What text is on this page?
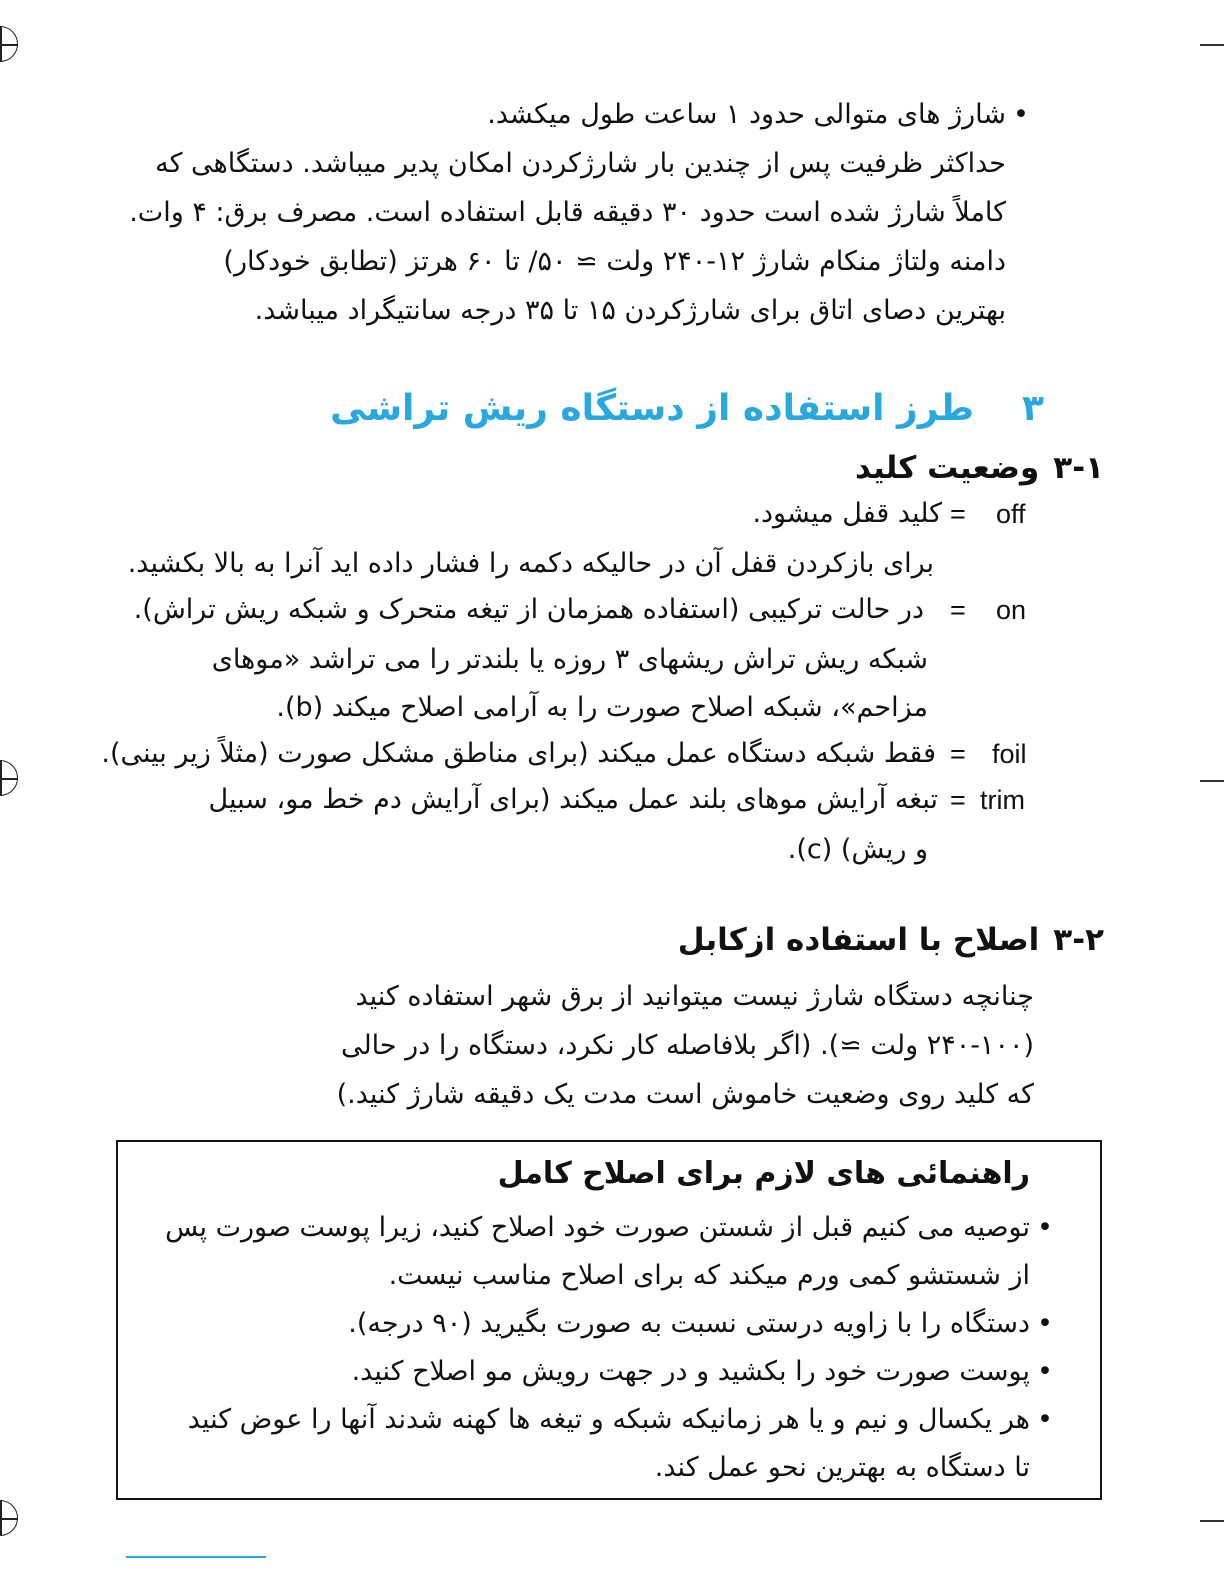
•شارژ های متوالی حدود ۱ ساعت طول میکشد.
حداکثر ظرفیت پس از چندین بار شارژکردن امکان پدیر میباشد. دستگاهی که
کاملاً شارژ شده است حدود ۳۰ دقیقه قابل استفاده است. مصرف برق: ۴ وات.
دامنه ولتاژ منکام شارژ ۱۲-۲۴۰ ولت ≃ ۵۰/ تا ۶۰ هرتز (تطابق خودکار)
بهترین دصای اتاق برای شارژکردن ۱۵ تا ۳۵ درجه سانتیگراد میباشد.
۳طرز استفاده از دستگاه ریش تراشی
۳-۱وضعیت کلید
off
=
کلید قفل میشود.
برای بازکردن قفل آن در حالیکه دکمه را فشار داده اید آنرا به بالا بکشید.
on
=
در حالت ترکیبی (استفاده همزمان از تیغه متحرک و شبکه ریش تراش).
شبکه ریش تراش ریشهای ۳ روزه یا بلندتر را می تراشد «موهای
مزاحم»، شبکه اصلاح صورت را به آرامی اصلاح میکند (b).
foil
=
فقط شبکه دستگاه عمل میکند (برای مناطق مشکل صورت (مثلاً زیر بینی).
trim
=
تبغه آرایش موهای بلند عمل میکند (برای آرایش دم خط مو، سبیل
و ریش) (c).
۳-۲اصلاح با استفاده ازکابل
چنانچه دستگاه شارژ نیست میتوانید از برق شهر استفاده کنید
(۲۴۰-۱۰۰ ولت ≃). (اگر بلافاصله کار نکرد، دستگاه را در حالی
که کلید روی وضعیت خاموش است مدت یک دقیقه شارژ کنید.)
راهنمائی های لازم برای اصلاح کامل
•توصیه می کنیم قبل از شستن صورت خود اصلاح کنید، زیرا پوست صورت پس
از شستشو کمی ورم میکند که برای اصلاح مناسب نیست.
•دستگاه را با زاویه درستی نسبت به صورت بگیرید (۹۰ درجه).
•پوست صورت خود را بکشید و در جهت رویش مو اصلاح کنید.
•هر یکسال و نیم و یا هر زمانیکه شبکه و تیغه ها کهنه شدند آنها را عوض کنید
تا دستگاه به بهترین نحو عمل کند.
